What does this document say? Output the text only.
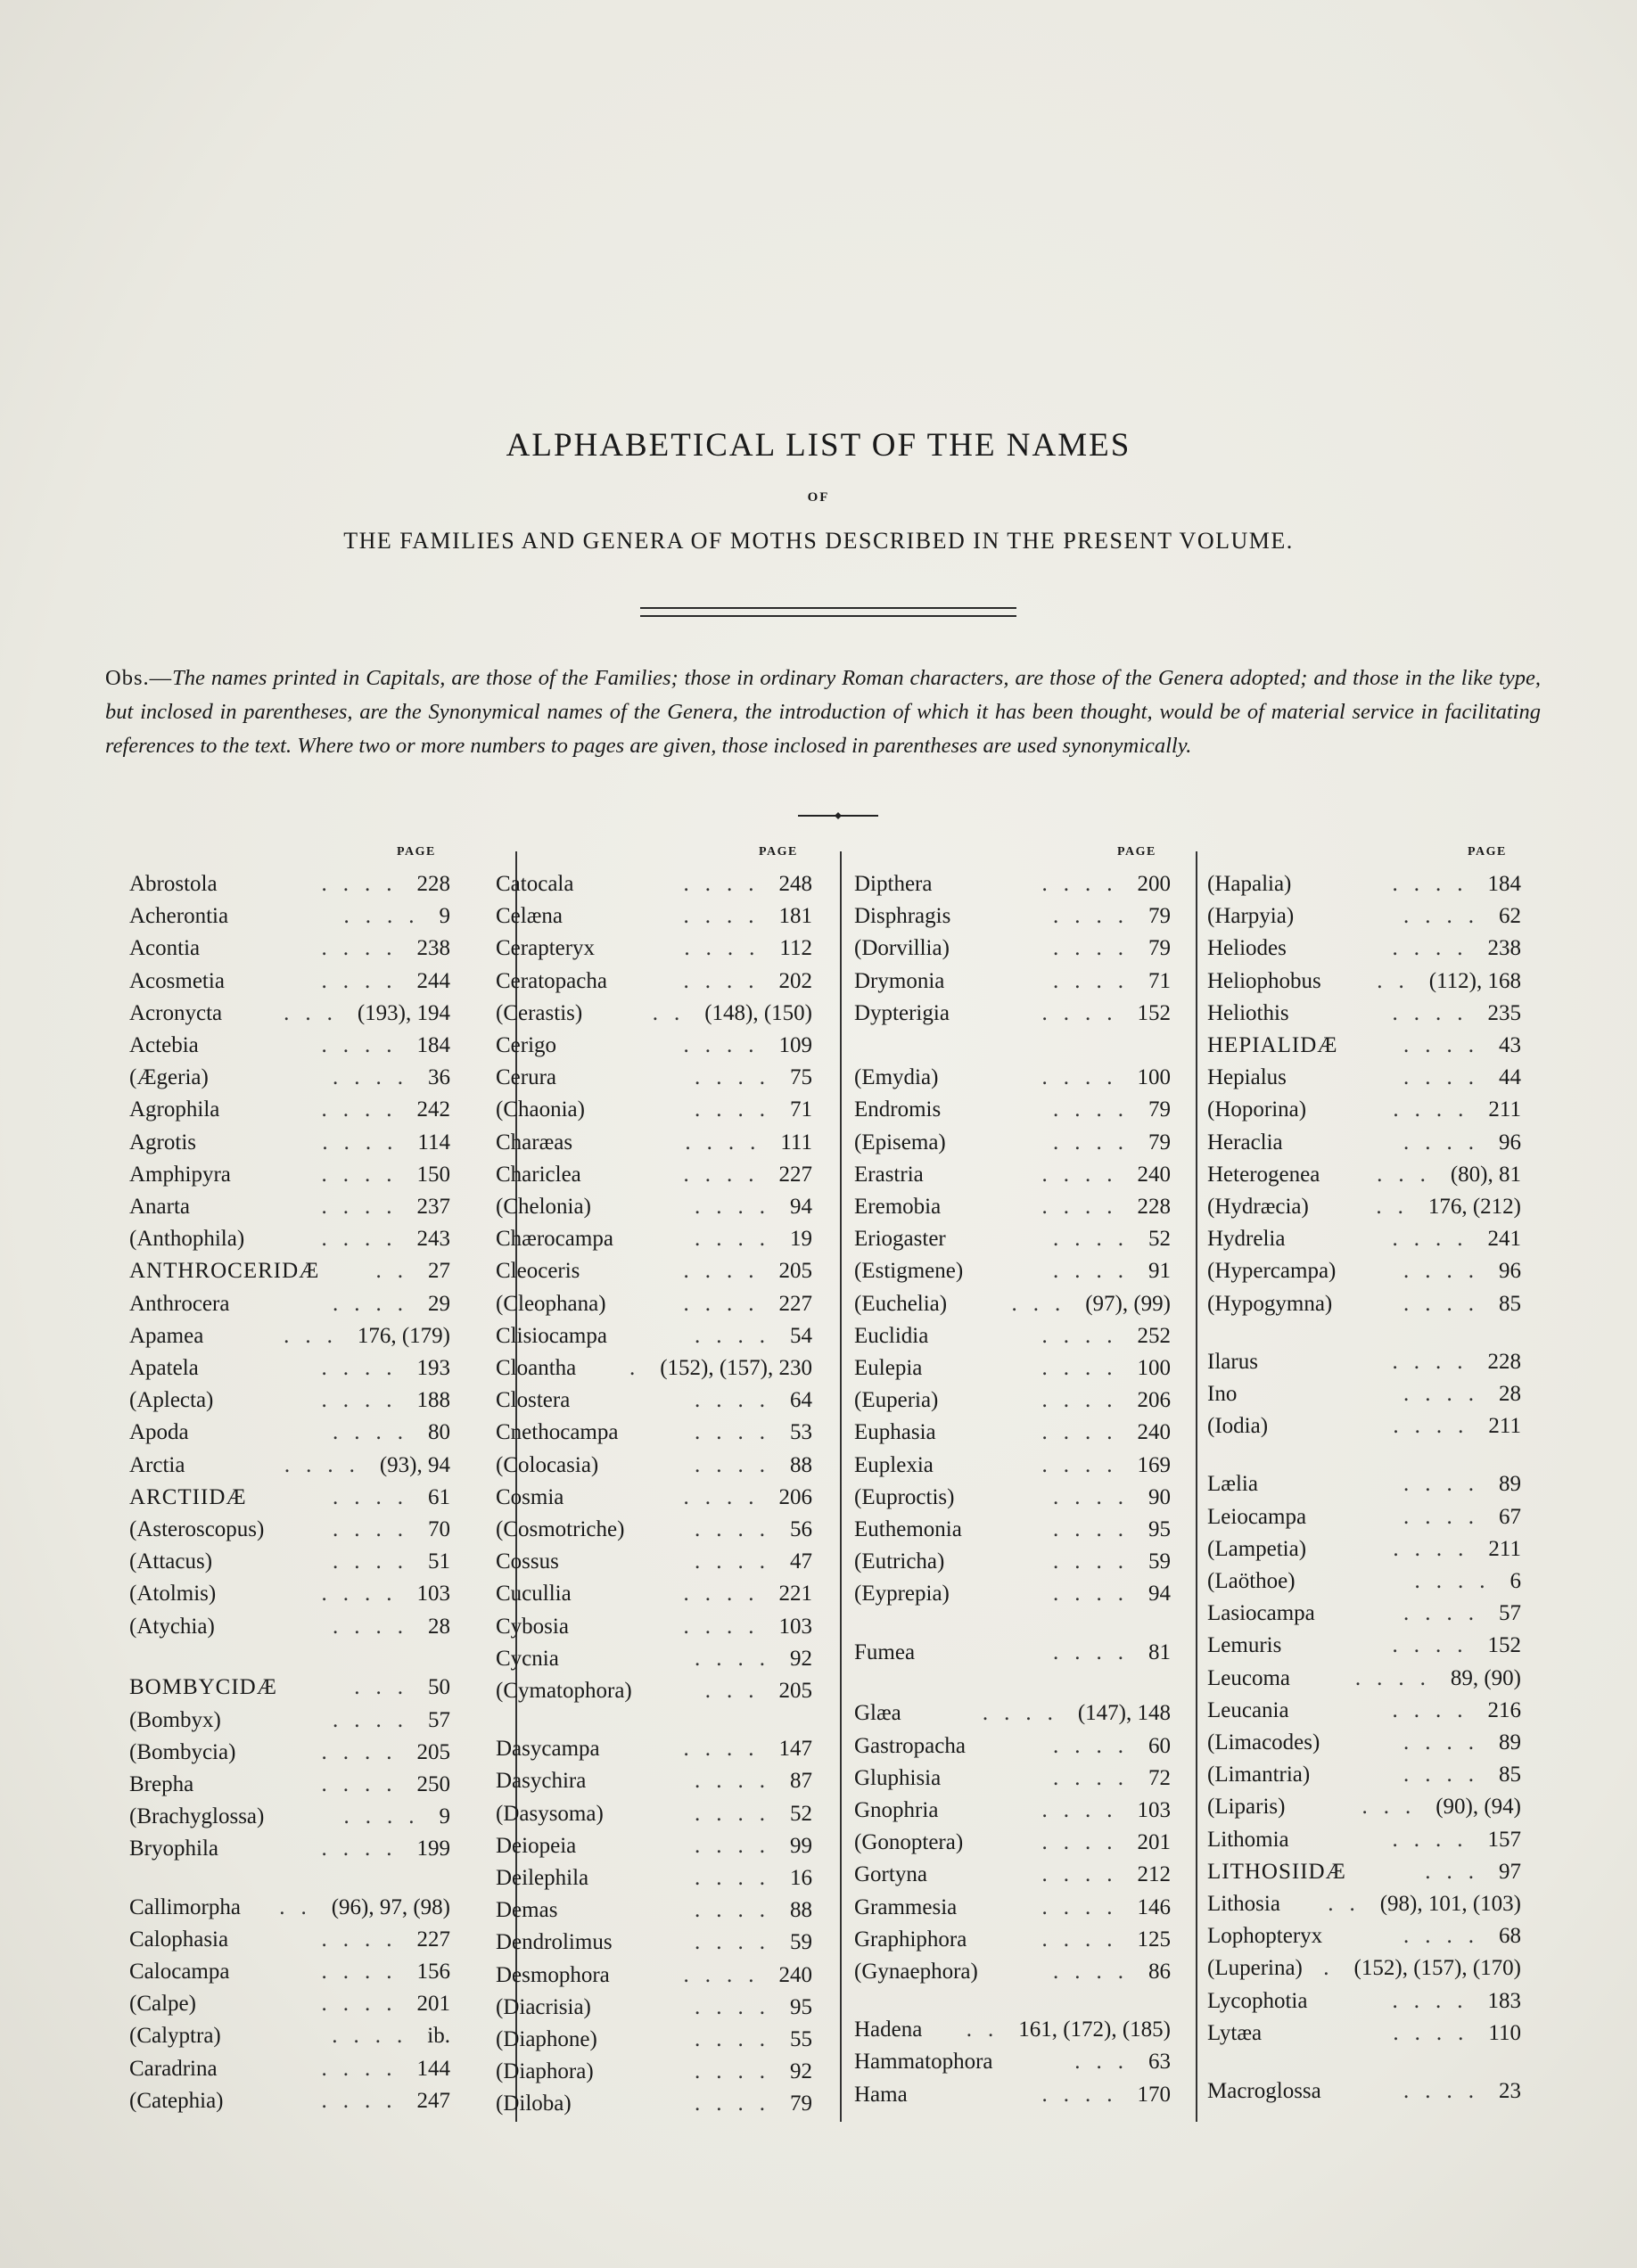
ALPHABETICAL LIST OF THE NAMES
OF
THE FAMILIES AND GENERA OF MOTHS DESCRIBED IN THE PRESENT VOLUME.
Obs.—The names printed in Capitals, are those of the Families; those in ordinary Roman characters, are those of the Genera adopted; and those in the like type, but inclosed in parentheses, are the Synonymical names of the Genera, the introduction of which it has been thought, would be of material service in facilitating references to the text. Where two or more numbers to pages are given, those inclosed in parentheses are used synonymically.
PAGE
Abrostola	228
....
Acherontia	9
....
Acontia	238
....
Acosmetia	244
....
Acronycta	(193), 194
...
Actebia	184
....
(Ægeria)	36
....
Agrophila	242
....
Agrotis	114
....
Amphipyra	150
....
Anarta	237
....
(Anthophila)	243
....
ANTHROCERIDÆ	27
..
Anthrocera	29
....
Apamea	176, (179)
...
Apatela	193
....
(Aplecta)	188
....
Apoda	80
....
Arctia	(93), 94
....
ARCTIIDÆ	61
....
(Asteroscopus)	70
....
(Attacus)	51
....
(Atolmis)	103
....
(Atychia)	28
....
BOMBYCIDÆ	50
...
(Bombyx)	57
....
(Bombycia)	205
....
Brepha	250
....
(Brachyglossa)	9
....
Bryophila	199
....
Callimorpha	(96), 97, (98)
..
Calophasia	227
....
Calocampa	156
....
(Calpe)	201
....
(Calyptra)	ib.
....
Caradrina	144
....
(Catephia)	247
....
PAGE
Catocala	248
....
Celæna	181
....
Cerapteryx	112
....
Ceratopacha	202
....
(Cerastis)	(148), (150)
..
Cerigo	109
....
Cerura	75
....
(Chaonia)	71
....
Charæas	111
....
Chariclea	227
....
(Chelonia)	94
....
Chærocampa	19
....
Cleoceris	205
....
(Cleophana)	227
....
Clisiocampa	54
....
Cloantha	(152), (157), 230
.
Clostera	64
....
Cnethocampa	53
....
(Colocasia)	88
....
Cosmia	206
....
(Cosmotriche)	56
....
Cossus	47
....
Cucullia	221
....
Cybosia	103
....
Cycnia	92
....
(Cymatophora)	205
...
Dasycampa	147
....
Dasychira	87
....
(Dasysoma)	52
....
Deiopeia	99
....
Deilephila	16
....
Demas	88
....
Dendrolimus	59
....
Desmophora	240
....
(Diacrisia)	95
....
(Diaphone)	55
....
(Diaphora)	92
....
(Diloba)	79
....
PAGE
Dipthera	200
....
Disphragis	79
....
(Dorvillia)	79
....
Drymonia	71
....
Dypterigia	152
....
(Emydia)	100
....
Endromis	79
....
(Episema)	79
....
Erastria	240
....
Eremobia	228
....
Eriogaster	52
....
(Estigmene)	91
....
(Euchelia)	(97), (99)
...
Euclidia	252
....
Eulepia	100
....
(Euperia)	206
....
Euphasia	240
....
Euplexia	169
....
(Euproctis)	90
....
Euthemonia	95
....
(Eutricha)	59
....
(Eyprepia)	94
....
Fumea	81
....
Glæa	(147), 148
....
Gastropacha	60
....
Gluphisia	72
....
Gnophria	103
....
(Gonoptera)	201
....
Gortyna	212
....
Grammesia	146
....
Graphiphora	125
....
(Gynaephora)	86
....
Hadena	161, (172), (185)
..
Hammatophora	63
...
Hama	170
....
PAGE
(Hapalia)	184
....
(Harpyia)	62
....
Heliodes	238
....
Heliophobus	(112), 168
..
Heliothis	235
....
HEPIALIDÆ	43
....
Hepialus	44
....
(Hoporina)	211
....
Heraclia	96
....
Heterogenea	(80), 81
...
(Hydræcia)	176, (212)
..
Hydrelia	241
....
(Hypercampa)	96
....
(Hypogymna)	85
....
Ilarus	228
....
Ino	28
....
(Iodia)	211
....
Lælia	89
....
Leiocampa	67
....
(Lampetia)	211
....
(Laöthoe)	6
....
Lasiocampa	57
....
Lemuris	152
....
Leucoma	89, (90)
....
Leucania	216
....
(Limacodes)	89
....
(Limantria)	85
....
(Liparis)	(90), (94)
...
Lithomia	157
....
LITHOSIIDÆ	97
...
Lithosia	(98), 101, (103)
..
Lophopteryx	68
....
(Luperina) (152), (157), (170)
.
Lycophotia	183
....
Lytæa	110
....
Macroglossa	23
....
